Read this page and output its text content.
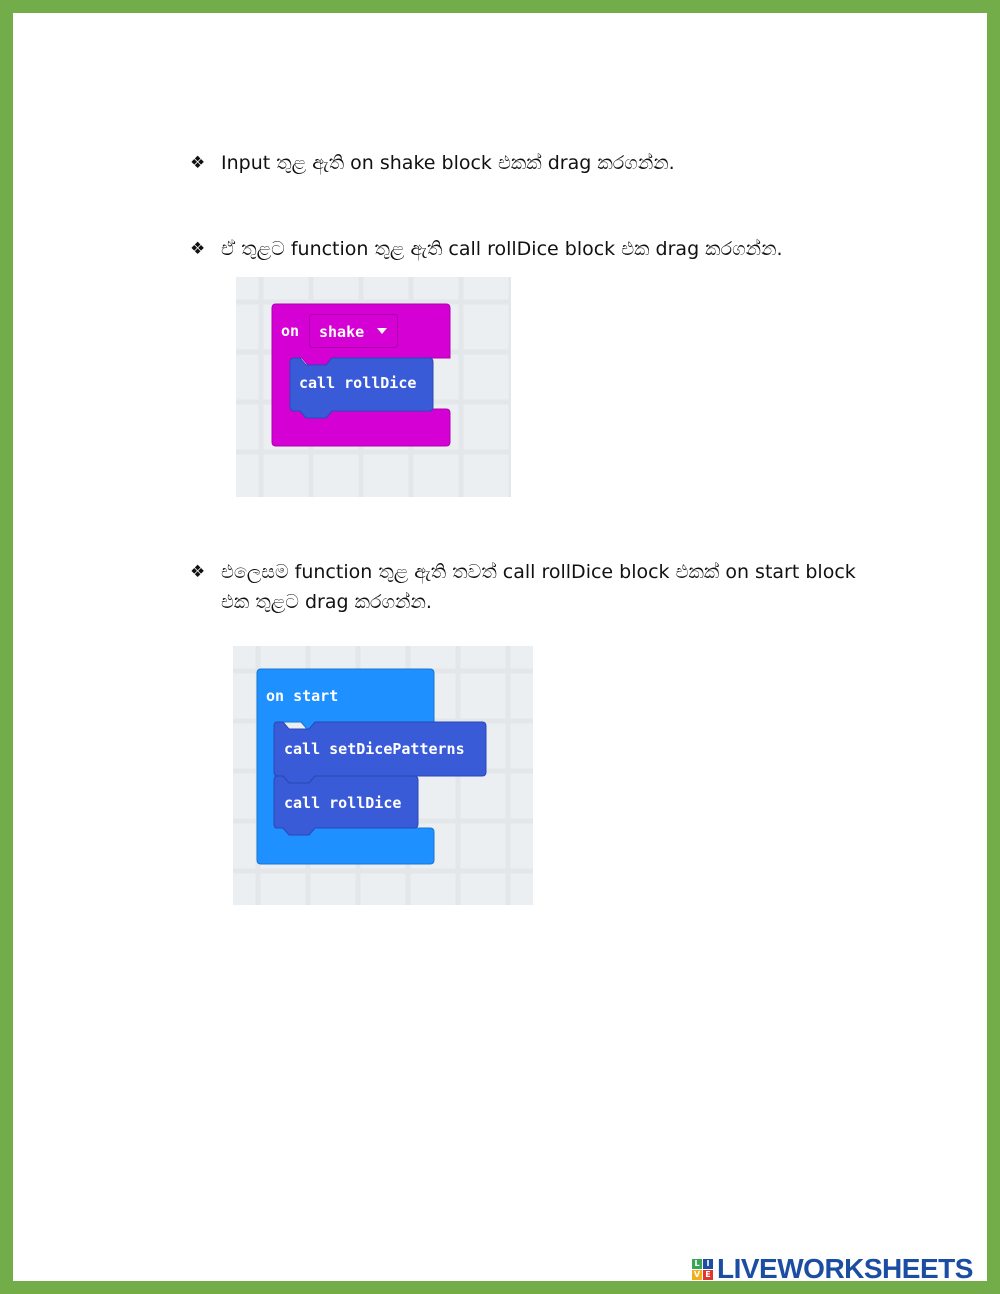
❖ Input තුළ ඇති on shake block එකක් drag කරගන්න.
❖ ඒ තුළට function තුළ ඇති call rollDice block එක drag කරගන්න.
on shake
call rollDice
❖ එලෙසම function තුළ ඇති තවත් call rollDice block එකක් on start block එක තුළට drag කරගන්න.
on start
call setDicePatterns
call rollDice
L I
V E LIVEWORKSHEETS
